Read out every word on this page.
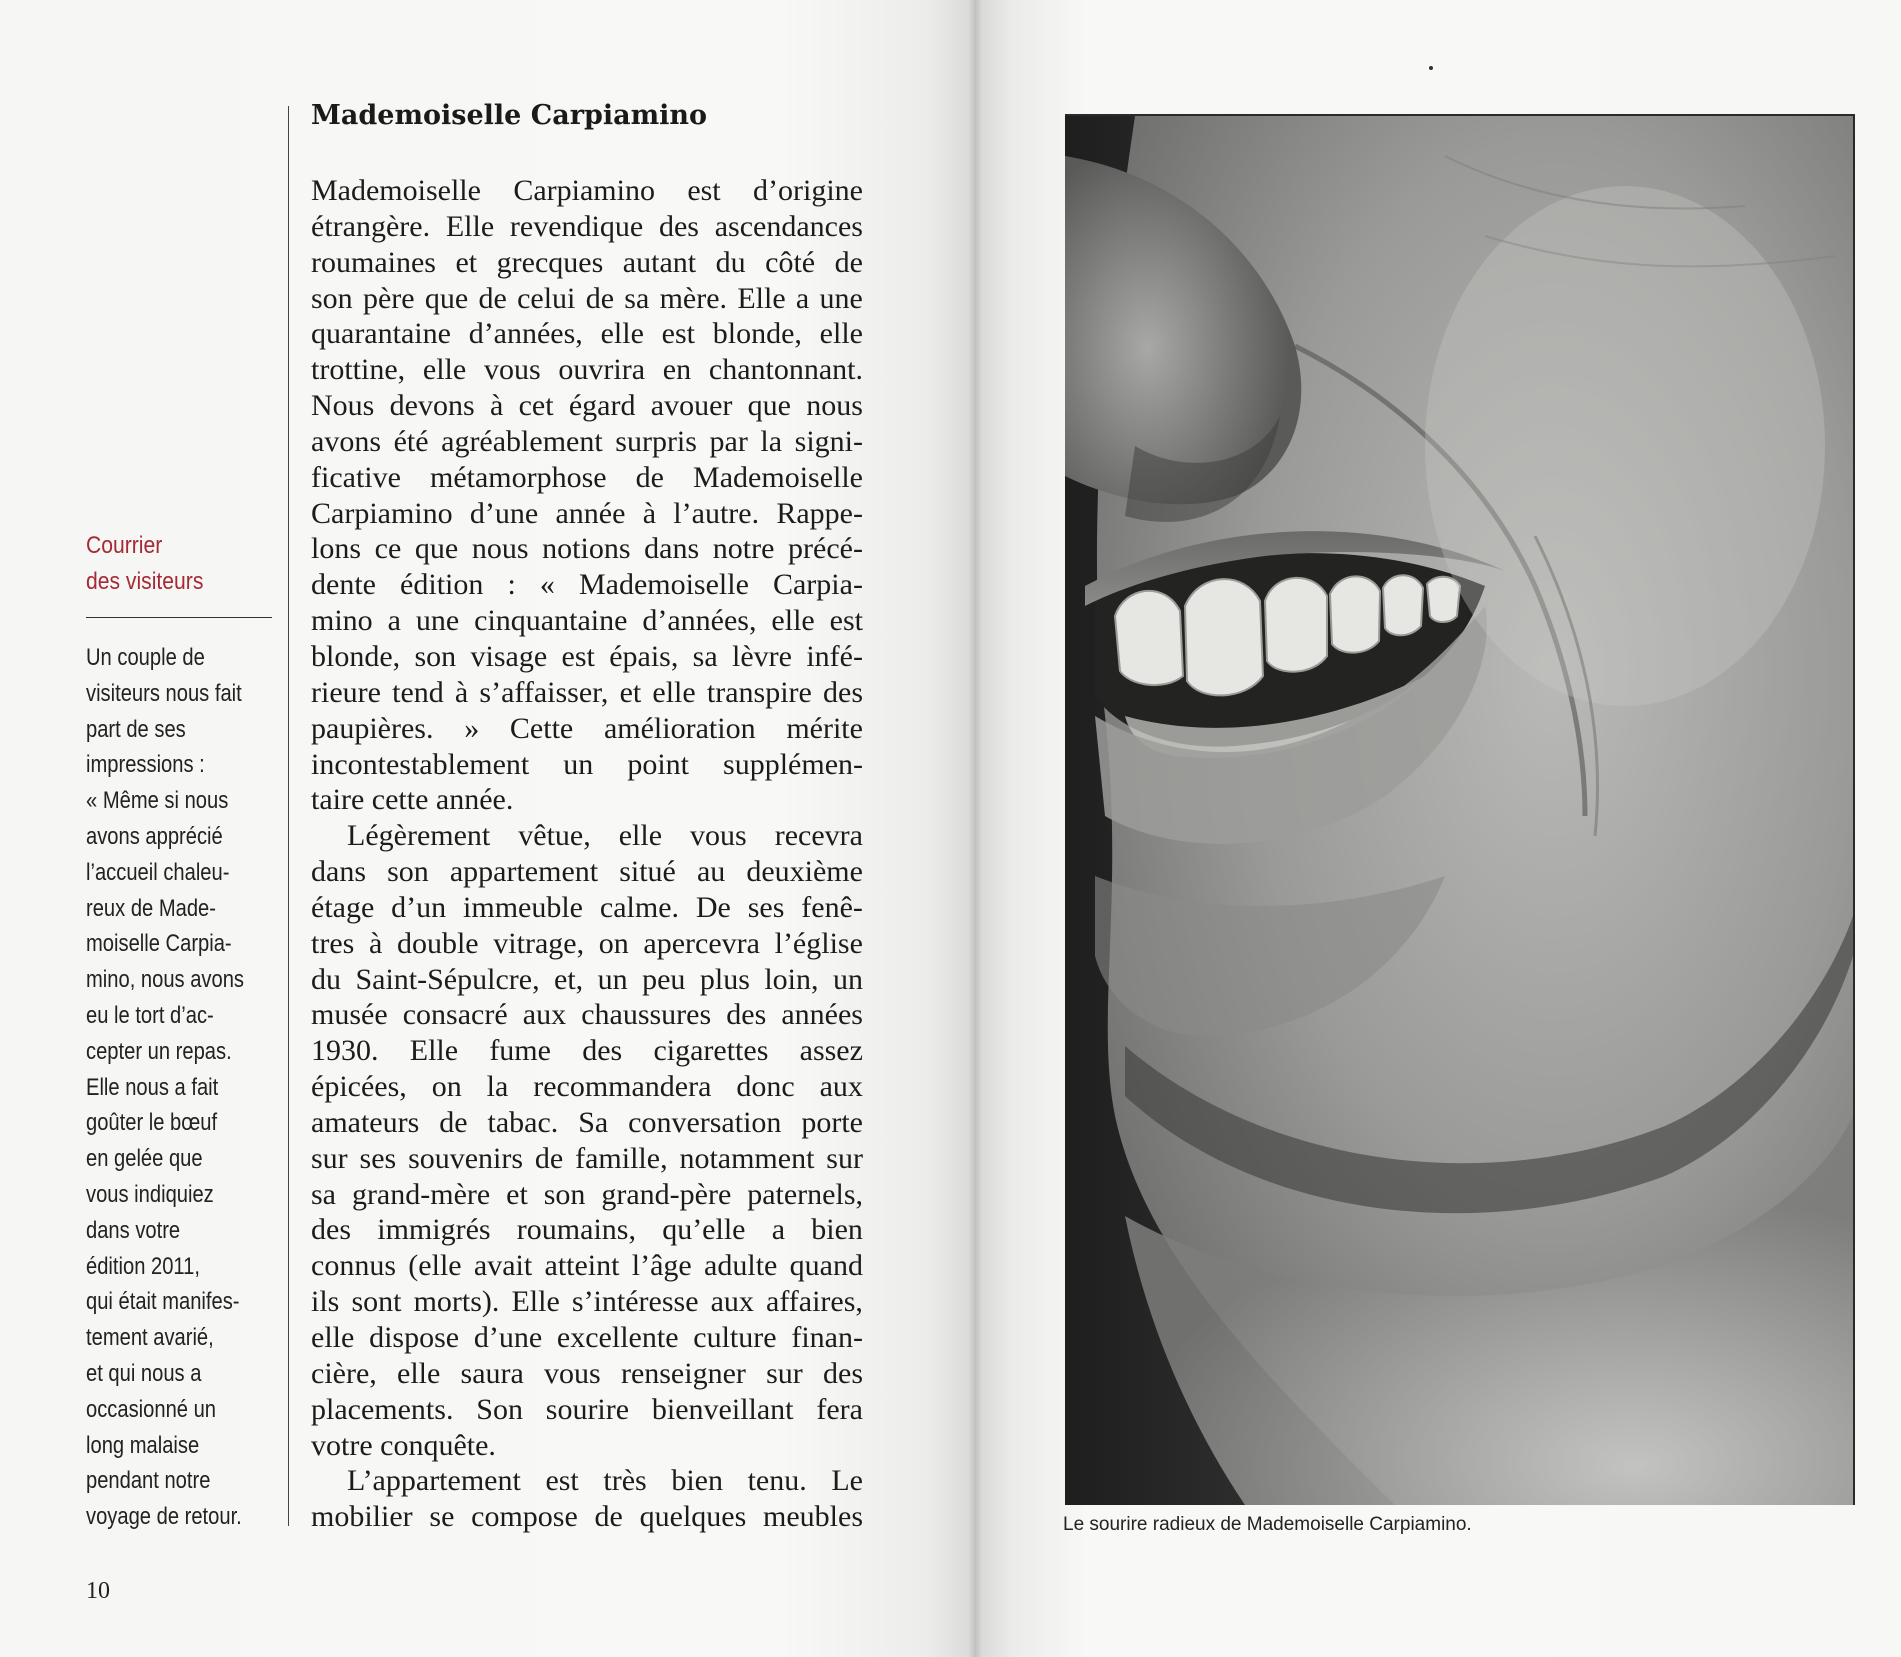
Courrier
des visiteurs
Un couple de
visiteurs nous fait
part de ses
impressions :
« Même si nous
avons apprécié
l’accueil chaleu-
reux de Made-
moiselle Carpia-
mino, nous avons
eu le tort d’ac-
cepter un repas.
Elle nous a fait
goûter le bœuf
en gelée que
vous indiquiez
dans votre
édition 2011,
qui était manifes-
tement avarié,
et qui nous a
occasionné un
long malaise
pendant notre
voyage de retour.
Mademoiselle Carpiamino
Mademoiselle Carpiamino est d’origine
étrangère. Elle revendique des ascendances
roumaines et grecques autant du côté de
son père que de celui de sa mère. Elle a une
quarantaine d’années, elle est blonde, elle
trottine, elle vous ouvrira en chantonnant.
Nous devons à cet égard avouer que nous
avons été agréablement surpris par la signi-
ficative métamorphose de Mademoiselle
Carpiamino d’une année à l’autre. Rappe-
lons ce que nous notions dans notre précé-
dente édition : « Mademoiselle Carpia-
mino a une cinquantaine d’années, elle est
blonde, son visage est épais, sa lèvre infé-
rieure tend à s’affaisser, et elle transpire des
paupières. » Cette amélioration mérite
incontestablement un point supplémen-
taire cette année.
Légèrement vêtue, elle vous recevra
dans son appartement situé au deuxième
étage d’un immeuble calme. De ses fenê-
tres à double vitrage, on apercevra l’église
du Saint-Sépulcre, et, un peu plus loin, un
musée consacré aux chaussures des années
1930. Elle fume des cigarettes assez
épicées, on la recommandera donc aux
amateurs de tabac. Sa conversation porte
sur ses souvenirs de famille, notamment sur
sa grand-mère et son grand-père paternels,
des immigrés roumains, qu’elle a bien
connus (elle avait atteint l’âge adulte quand
ils sont morts). Elle s’intéresse aux affaires,
elle dispose d’une excellente culture finan-
cière, elle saura vous renseigner sur des
placements. Son sourire bienveillant fera
votre conquête.
L’appartement est très bien tenu. Le
mobilier se compose de quelques meubles
10
Le sourire radieux de Mademoiselle Carpiamino.
